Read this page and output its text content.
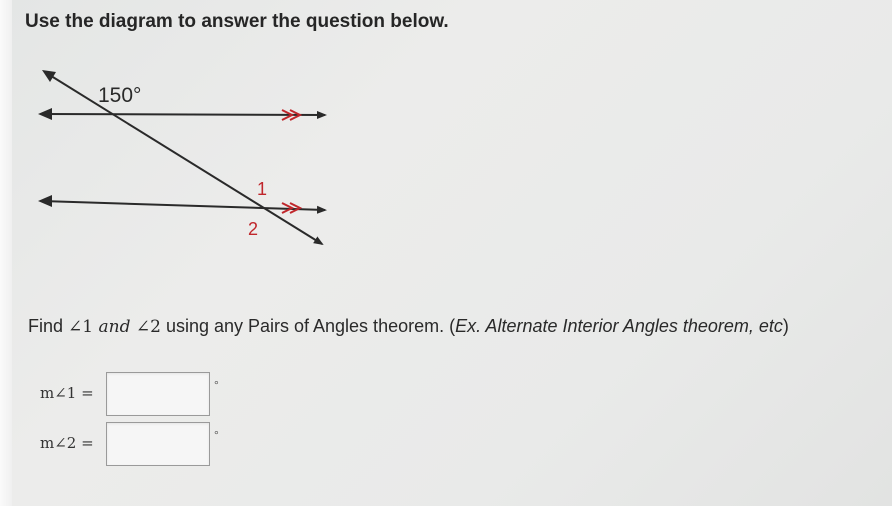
Use the diagram to answer the question below.
150°
1
2
Find ∠1 and ∠2 using any Pairs of Angles theorem. (Ex. Alternate Interior Angles theorem, etc)
m∠1 =	°
m∠2 =	°
